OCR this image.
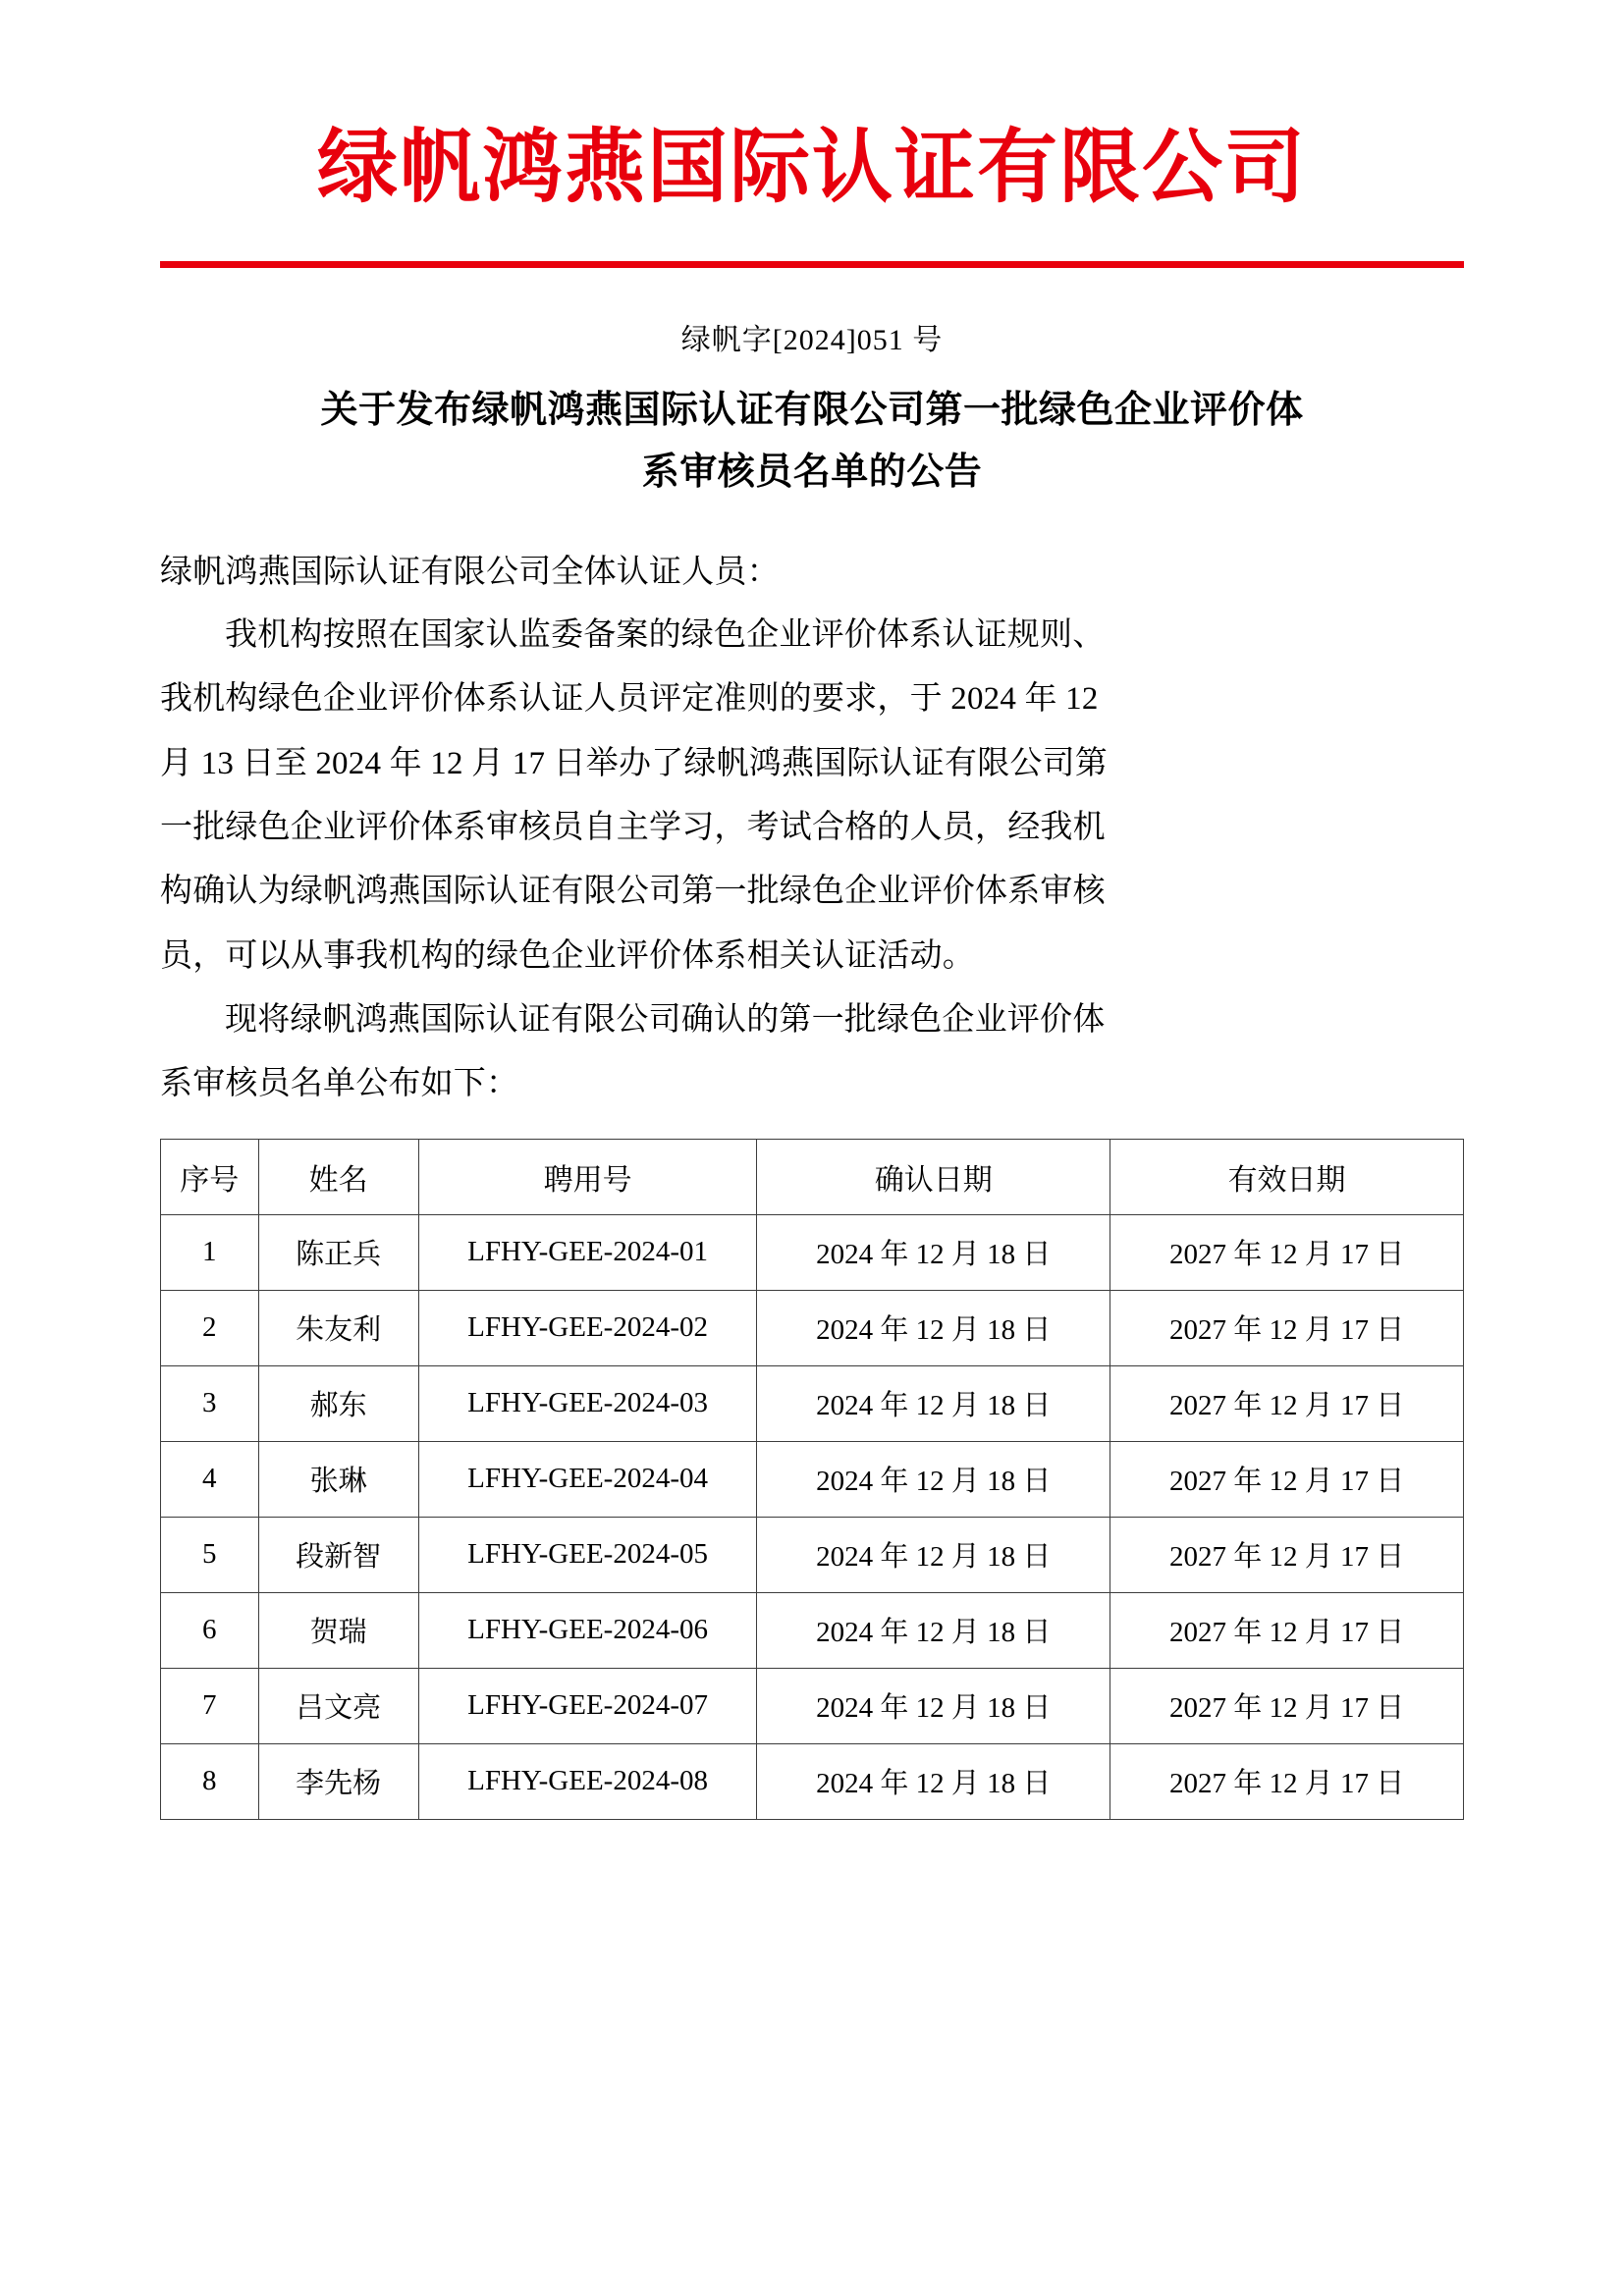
绿帆鸿燕国际认证有限公司
绿帆字[2024]051 号
关于发布绿帆鸿燕国际认证有限公司第一批绿色企业评价体
系审核员名单的公告
绿帆鸿燕国际认证有限公司全体认证人员：
我机构按照在国家认监委备案的绿色企业评价体系认证规则、
我机构绿色企业评价体系认证人员评定准则的要求，于 2024 年 12
月 13 日至 2024 年 12 月 17 日举办了绿帆鸿燕国际认证有限公司第
一批绿色企业评价体系审核员自主学习，考试合格的人员，经我机
构确认为绿帆鸿燕国际认证有限公司第一批绿色企业评价体系审核
员，可以从事我机构的绿色企业评价体系相关认证活动。
现将绿帆鸿燕国际认证有限公司确认的第一批绿色企业评价体
系审核员名单公布如下：
序号	姓名	聘用号	确认日期	有效日期
1	陈正兵	LFHY-GEE-2024-01	2024 年 12 月 18 日	2027 年 12 月 17 日
2	朱友利	LFHY-GEE-2024-02	2024 年 12 月 18 日	2027 年 12 月 17 日
3	郝东	LFHY-GEE-2024-03	2024 年 12 月 18 日	2027 年 12 月 17 日
4	张琳	LFHY-GEE-2024-04	2024 年 12 月 18 日	2027 年 12 月 17 日
5	段新智	LFHY-GEE-2024-05	2024 年 12 月 18 日	2027 年 12 月 17 日
6	贺瑞	LFHY-GEE-2024-06	2024 年 12 月 18 日	2027 年 12 月 17 日
7	吕文亮	LFHY-GEE-2024-07	2024 年 12 月 18 日	2027 年 12 月 17 日
8	李先杨	LFHY-GEE-2024-08	2024 年 12 月 18 日	2027 年 12 月 17 日
